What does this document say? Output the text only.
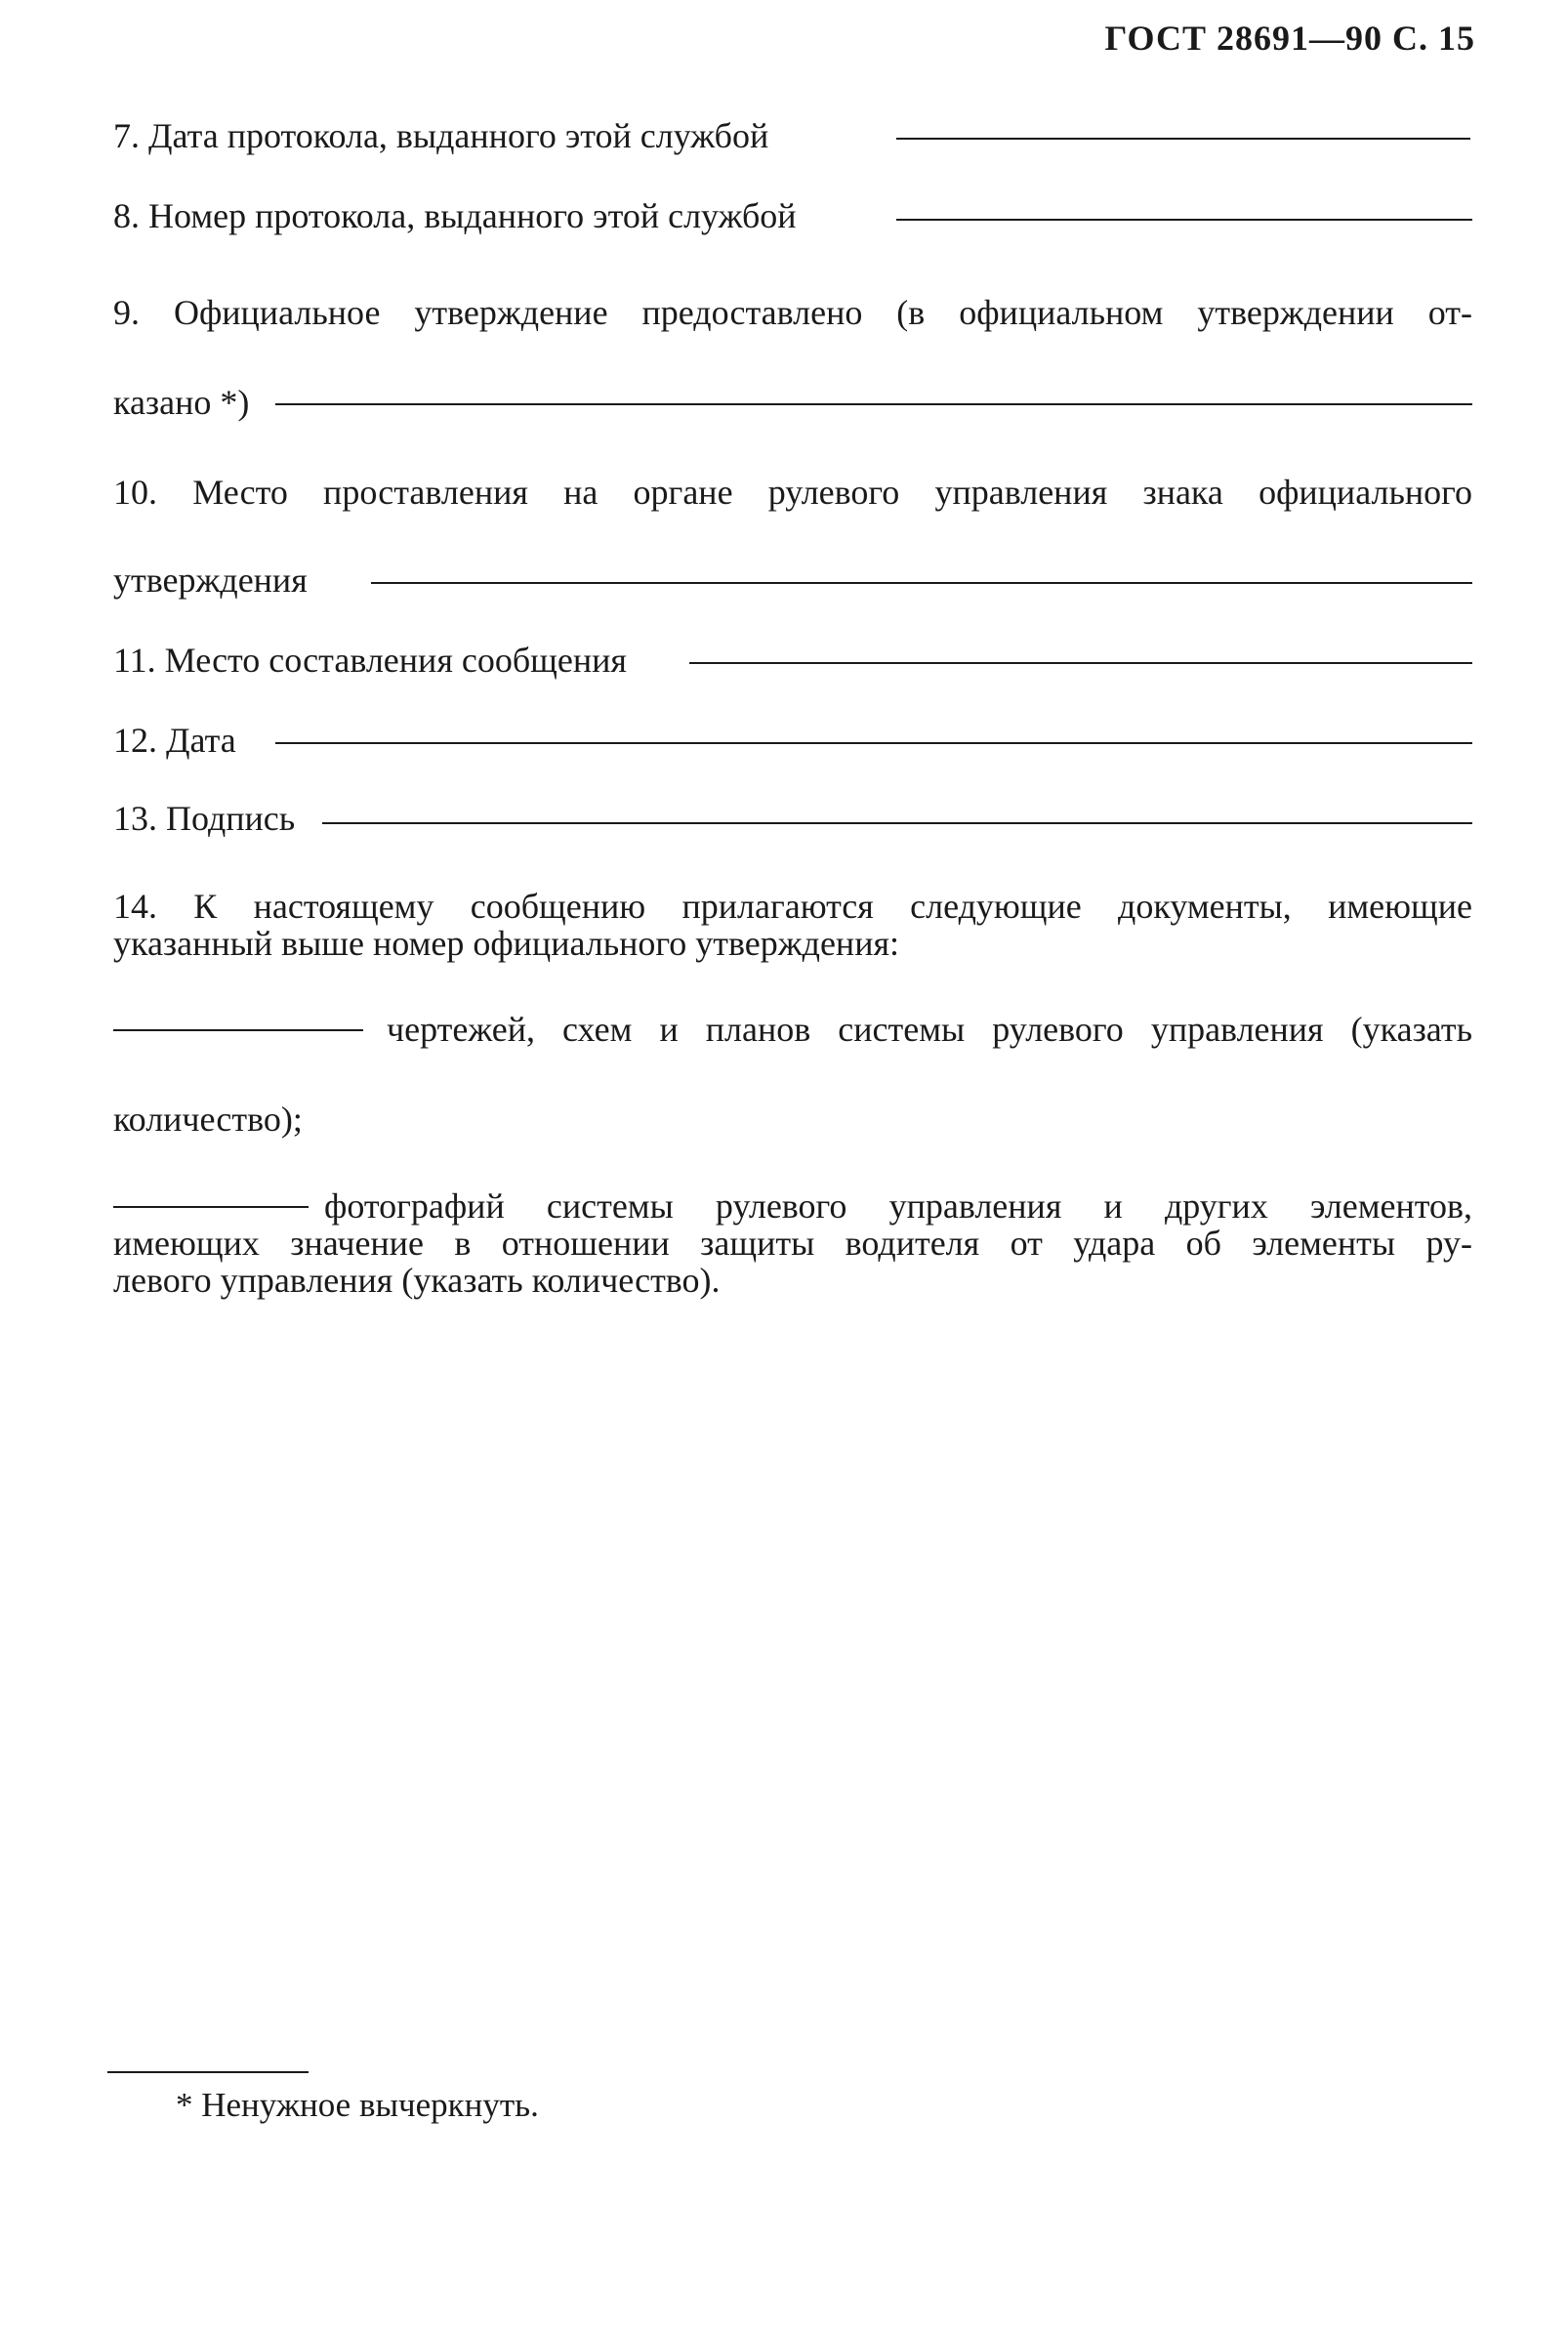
ГОСТ 28691—90 С. 15
7. Дата протокола, выданного этой службой
8. Номер протокола, выданного этой службой
9. Официальное утверждение предоставлено (в официальном утверждении от-
казано *)
10. Место проставления на органе рулевого управления знака официального
утверждения
11. Место составления сообщения
12. Дата
13. Подпись
14. К настоящему сообщению прилагаются следующие документы, имеющие
указанный выше номер официального утверждения:
чертежей, схем и планов системы рулевого управления (указать
количество);
фотографий системы рулевого управления и других элементов,
имеющих значение в отношении защиты водителя от удара об элементы ру-
левого управления (указать количество).
* Ненужное вычеркнуть.
